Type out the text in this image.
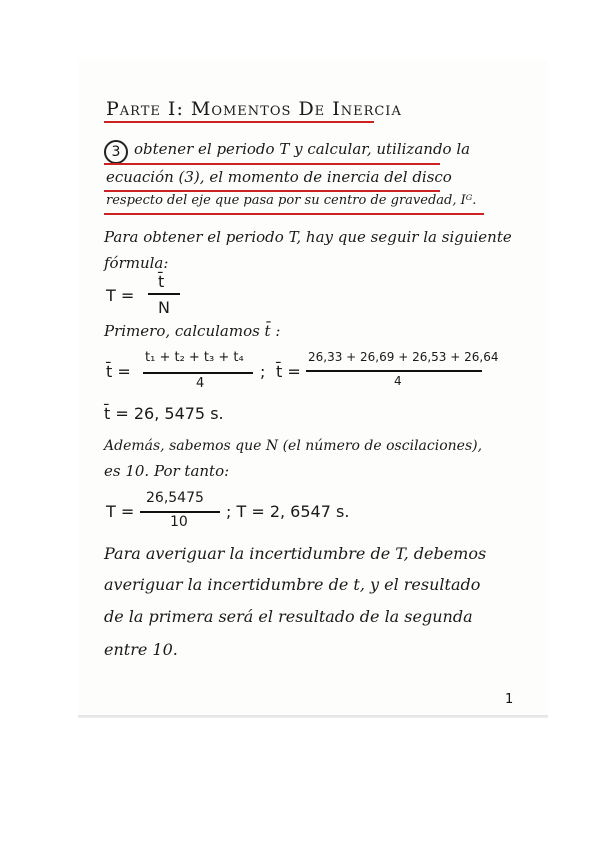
Parte I: Momentos De Inercia
3 obtener el periodo T y calcular, utilizando la
ecuación (3), el momento de inercia del disco
respecto del eje que pasa por su centro de gravedad, Iᴳ.
Para obtener el periodo T, hay que seguir la siguiente
fórmula:
T =
t̄
N
Primero, calculamos t̄ :
t̄ =
t₁ + t₂ + t₃ + t₄
4
; t̄ =
26,33 + 26,69 + 26,53 + 26,64
4
t̄ = 26, 5475 s.
Además, sabemos que N (el número de oscilaciones),
es 10. Por tanto:
T =
26,5475
10
; T = 2, 6547 s.
Para averiguar la incertidumbre de T, debemos
averiguar la incertidumbre de t, y el resultado
de la primera será el resultado de la segunda
entre 10.
1
